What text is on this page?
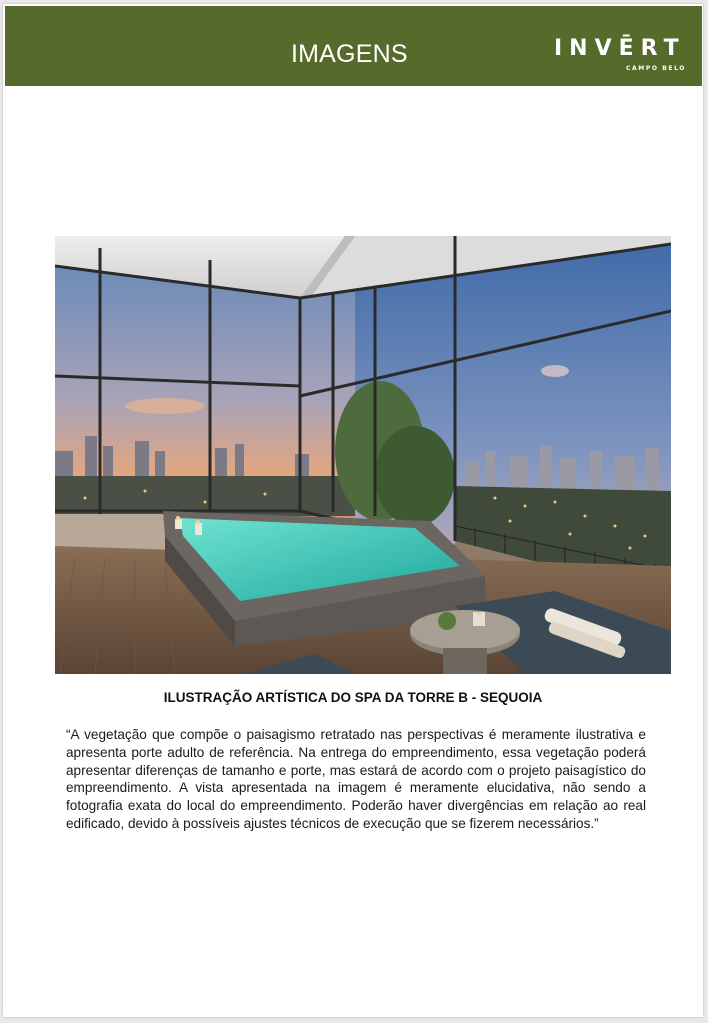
IMAGENS	INVĒRT
CAMPO BELO
ILUSTRAÇÃO ARTÍSTICA DO SPA DA TORRE B - SEQUOIA

“A vegetação que compõe o paisagismo retratado nas perspectivas é meramente ilustrativa e apresenta porte adulto de referência. Na entrega do empreendimento, essa vegetação poderá apresentar diferenças de tamanho e porte, mas estará de acordo com o projeto paisagístico do empreendimento. A vista apresentada na imagem é meramente elucidativa, não sendo a fotografia exata do local do empreendimento. Poderão haver divergências em relação ao real edificado, devido à possíveis ajustes técnicos de execução que se fizerem necessários.”
